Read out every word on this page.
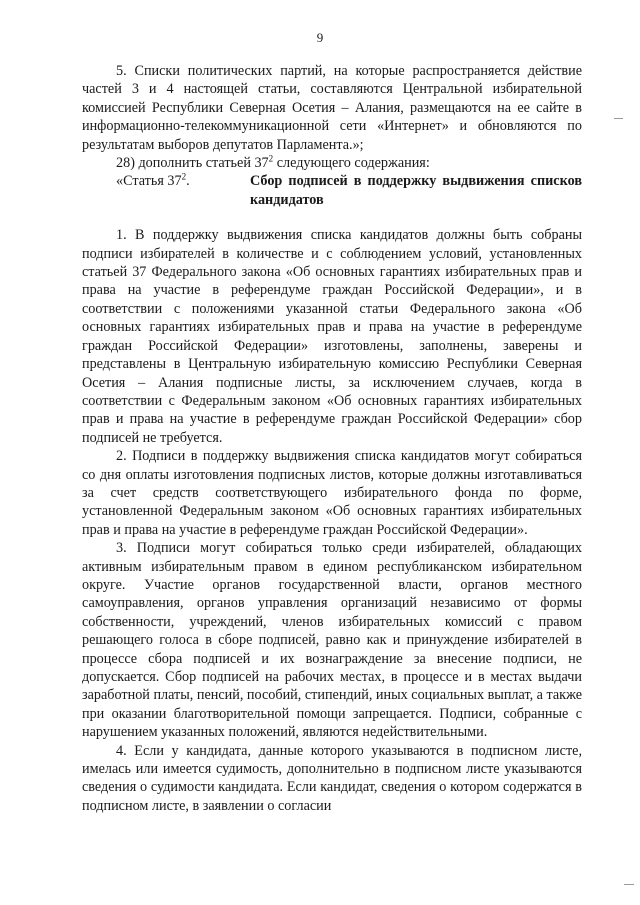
9

5. Списки политических партий, на которые распространяется действие частей 3 и 4 настоящей статьи, составляются Центральной избирательной комиссией Республики Северная Осетия – Алания, размещаются на ее сайте в информационно-телекоммуникационной сети «Интернет» и обновляются по результатам выборов депутатов Парламента.»;

28) дополнить статьей $37^2$ следующего содержания:

«Статья $37^2$.	Сбор подписей в поддержку выдвижения списков кандидатов

1. В поддержку выдвижения списка кандидатов должны быть собраны подписи избирателей в количестве и с соблюдением условий, установленных статьей 37 Федерального закона «Об основных гарантиях избирательных прав и права на участие в референдуме граждан Российской Федерации», и в соответствии с положениями указанной статьи Федерального закона «Об основных гарантиях избирательных прав и права на участие в референдуме граждан Российской Федерации» изготовлены, заполнены, заверены и представлены в Центральную избирательную комиссию Республики Северная Осетия – Алания подписные листы, за исключением случаев, когда в соответствии с Федеральным законом «Об основных гарантиях избирательных прав и права на участие в референдуме граждан Российской Федерации» сбор подписей не требуется.

2. Подписи в поддержку выдвижения списка кандидатов могут собираться со дня оплаты изготовления подписных листов, которые должны изготавливаться за счет средств соответствующего избирательного фонда по форме, установленной Федеральным законом «Об основных гарантиях избирательных прав и права на участие в референдуме граждан Российской Федерации».

3. Подписи могут собираться только среди избирателей, обладающих активным избирательным правом в едином республиканском избирательном округе. Участие органов государственной власти, органов местного самоуправления, органов управления организаций независимо от формы собственности, учреждений, членов избирательных комиссий с правом решающего голоса в сборе подписей, равно как и принуждение избирателей в процессе сбора подписей и их вознаграждение за внесение подписи, не допускается. Сбор подписей на рабочих местах, в процессе и в местах выдачи заработной платы, пенсий, пособий, стипендий, иных социальных выплат, а также при оказании благотворительной помощи запрещается. Подписи, собранные с нарушением указанных положений, являются недействительными.

4. Если у кандидата, данные которого указываются в подписном листе, имелась или имеется судимость, дополнительно в подписном листе указываются сведения о судимости кандидата. Если кандидат, сведения о котором содержатся в подписном листе, в заявлении о согласии
